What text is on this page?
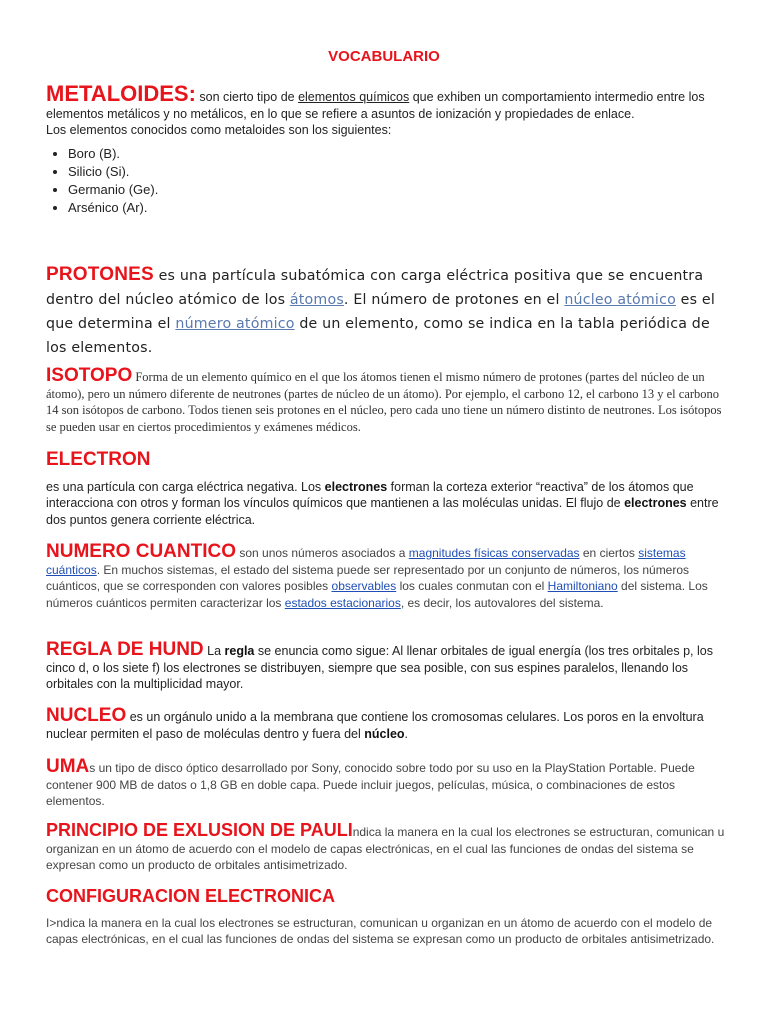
VOCABULARIO
METALOIDES: son cierto tipo de elementos químicos que exhiben un comportamiento intermedio entre los elementos metálicos y no metálicos, en lo que se refiere a asuntos de ionización y propiedades de enlace.
Los elementos conocidos como metaloides son los siguientes:
• Boro (B).
• Silicio (Si).
• Germanio (Ge).
• Arsénico (Ar).
PROTONES es una partícula subatómica con carga eléctrica positiva que se encuentra dentro del núcleo atómico de los átomos. El número de protones en el núcleo atómico es el que determina el número atómico de un elemento, como se indica en la tabla periódica de los elementos.
ISOTOPO Forma de un elemento químico en el que los átomos tienen el mismo número de protones (partes del núcleo de un átomo), pero un número diferente de neutrones (partes de núcleo de un átomo). Por ejemplo, el carbono 12, el carbono 13 y el carbono 14 son isótopos de carbono. Todos tienen seis protones en el núcleo, pero cada uno tiene un número distinto de neutrones. Los isótopos se pueden usar en ciertos procedimientos y exámenes médicos.
ELECTRON
es una partícula con carga eléctrica negativa. Los electrones forman la corteza exterior “reactiva” de los átomos que interacciona con otros y forman los vínculos químicos que mantienen a las moléculas unidas. El flujo de electrones entre dos puntos genera corriente eléctrica.
NUMERO CUANTICO son unos números asociados a magnitudes físicas conservadas en ciertos sistemas cuánticos. En muchos sistemas, el estado del sistema puede ser representado por un conjunto de números, los números cuánticos, que se corresponden con valores posibles observables los cuales conmutan con el Hamiltoniano del sistema. Los números cuánticos permiten caracterizar los estados estacionarios, es decir, los autovalores del sistema.
REGLA DE HUND La regla se enuncia como sigue: Al llenar orbitales de igual energía (los tres orbitales p, los cinco d, o los siete f) los electrones se distribuyen, siempre que sea posible, con sus espines paralelos, llenando los orbitales con la multiplicidad mayor.
NUCLEO es un orgánulo unido a la membrana que contiene los cromosomas celulares. Los poros en la envoltura nuclear permiten el paso de moléculas dentro y fuera del núcleo.
UMAs un tipo de disco óptico desarrollado por Sony, conocido sobre todo por su uso en la PlayStation Portable. Puede contener 900 MB de datos o 1,8 GB en doble capa. Puede incluir juegos, películas, música, o combinaciones de estos elementos.
PRINCIPIO DE EXLUSION DE PAULIndica la manera en la cual los electrones se estructuran, comunican u organizan en un átomo de acuerdo con el modelo de capas electrónicas, en el cual las funciones de ondas del sistema se expresan como un producto de orbitales antisimetrizado.
CONFIGURACION ELECTRONICA
I>ndica la manera en la cual los electrones se estructuran, comunican u organizan en un átomo de acuerdo con el modelo de capas electrónicas, en el cual las funciones de ondas del sistema se expresan como un producto de orbitales antisimetrizado.
